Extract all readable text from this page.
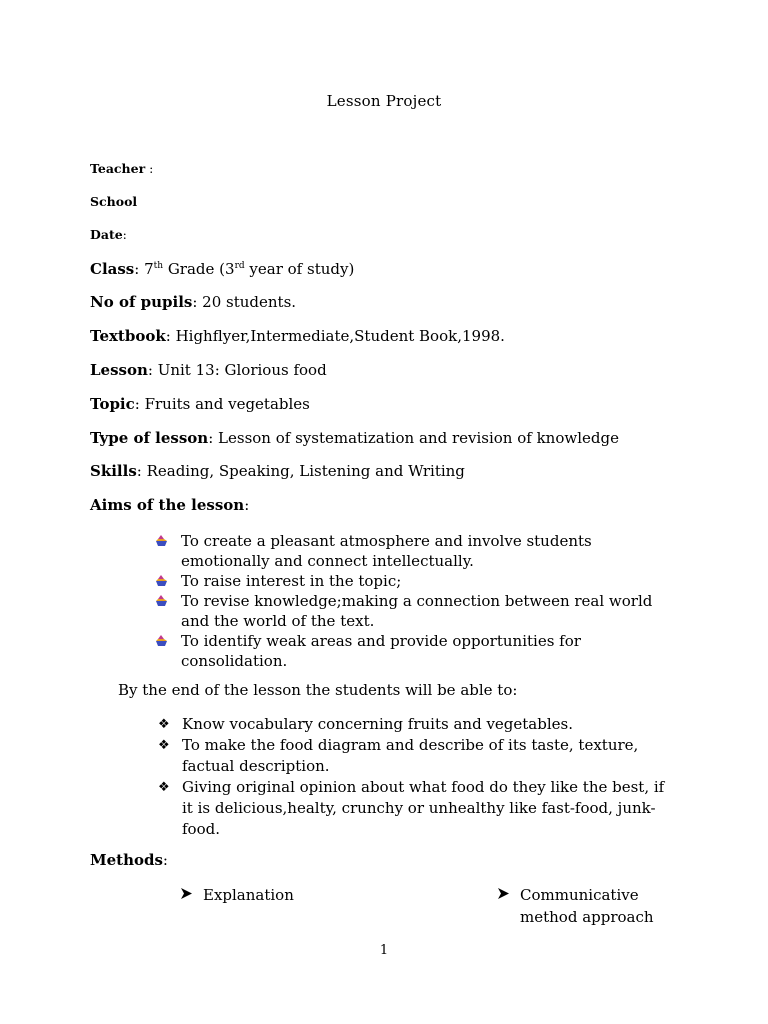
Lesson Project
Teacher :
School
Date:
Class: 7th Grade (3rd year of study)
No of pupils: 20 students.
Textbook: Highflyer,Intermediate,Student Book,1998.
Lesson: Unit 13: Glorious food
Topic: Fruits and vegetables
Type of lesson: Lesson of systematization and revision of knowledge
Skills: Reading, Speaking, Listening and Writing
Aims of the lesson:
To create a pleasant atmosphere and involve students emotionally and connect intellectually.
To raise interest in the topic;
To revise knowledge;making a connection between real world and the world of the text.
To identify weak areas and provide opportunities for consolidation.
By the end of the lesson the students will be able to:
❖ Know vocabulary concerning fruits and vegetables.
❖ To make the food diagram and describe of its taste, texture, factual description.
❖ Giving original opinion about what food do they like the best, if it is delicious,healty, crunchy or unhealthy like fast-food, junk-food.
Methods:
Explanation	Communicative method approach
1
